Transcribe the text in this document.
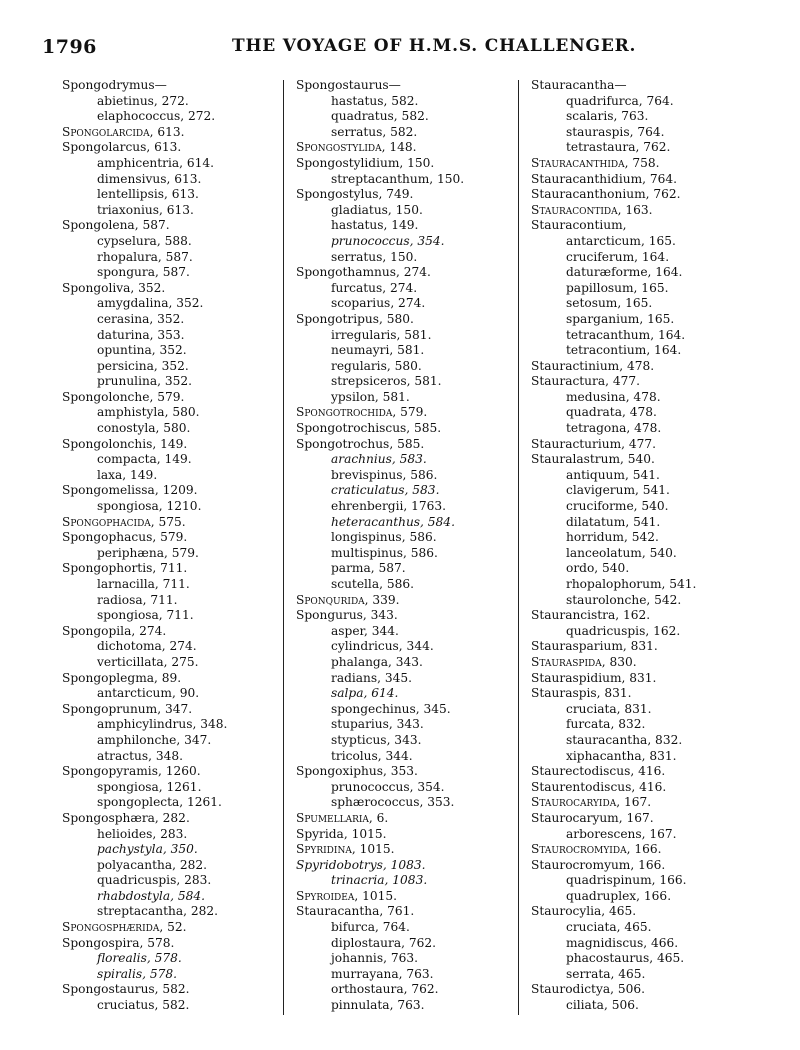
1796	THE VOYAGE OF H.M.S. CHALLENGER.
Spongodrymus—
abietinus, 272.
elaphococcus, 272.
Spongolarcida, 613.
Spongolarcus, 613.
amphicentria, 614.
dimensivus, 613.
lentellipsis, 613.
triaxonius, 613.
Spongolena, 587.
cypselura, 588.
rhopalura, 587.
spongura, 587.
Spongoliva, 352.
amygdalina, 352.
cerasina, 352.
daturina, 353.
opuntina, 352.
persicina, 352.
prunulina, 352.
Spongolonche, 579.
amphistyla, 580.
conostyla, 580.
Spongolonchis, 149.
compacta, 149.
laxa, 149.
Spongomelissa, 1209.
spongiosa, 1210.
Spongophacida, 575.
Spongophacus, 579.
periphæna, 579.
Spongophortis, 711.
larnacilla, 711.
radiosa, 711.
spongiosa, 711.
Spongopila, 274.
dichotoma, 274.
verticillata, 275.
Spongoplegma, 89.
antarcticum, 90.
Spongoprunum, 347.
amphicylindrus, 348.
amphilonche, 347.
atractus, 348.
Spongopyramis, 1260.
spongiosa, 1261.
spongoplecta, 1261.
Spongosphæra, 282.
helioides, 283.
pachystyla, 350.
polyacantha, 282.
quadricuspis, 283.
rhabdostyla, 584.
streptacantha, 282.
Spongosphærida, 52.
Spongospira, 578.
florealis, 578.
spiralis, 578.
Spongostaurus, 582.
cruciatus, 582.
Spongostaurus—
hastatus, 582.
quadratus, 582.
serratus, 582.
Spongostylida, 148.
Spongostylidium, 150.
streptacanthum, 150.
Spongostylus, 749.
gladiatus, 150.
hastatus, 149.
prunococcus, 354.
serratus, 150.
Spongothamnus, 274.
furcatus, 274.
scoparius, 274.
Spongotripus, 580.
irregularis, 581.
neumayri, 581.
regularis, 580.
strepsiceros, 581.
ypsilon, 581.
Spongotrochida, 579.
Spongotrochiscus, 585.
Spongotrochus, 585.
arachnius, 583.
brevispinus, 586.
craticulatus, 583.
ehrenbergii, 1763.
heteracanthus, 584.
longispinus, 586.
multispinus, 586.
parma, 587.
scutella, 586.
Sponqurida, 339.
Spongurus, 343.
asper, 344.
cylindricus, 344.
phalanga, 343.
radians, 345.
salpa, 614.
spongechinus, 345.
stuparius, 343.
stypticus, 343.
tricolus, 344.
Spongoxiphus, 353.
prunococcus, 354.
sphærococcus, 353.
Spumellaria, 6.
Spyrida, 1015.
Spyridina, 1015.
Spyridobotrys, 1083.
trinacria, 1083.
Spyroidea, 1015.
Stauracantha, 761.
bifurca, 764.
diplostaura, 762.
johannis, 763.
murrayana, 763.
orthostaura, 762.
pinnulata, 763.
Stauracantha—
quadrifurca, 764.
scalaris, 763.
stauraspis, 764.
tetrastaura, 762.
Stauracanthida, 758.
Stauracanthidium, 764.
Stauracanthonium, 762.
Stauracontida, 163.
Stauracontium,
antarcticum, 165.
cruciferum, 164.
daturæforme, 164.
papillosum, 165.
setosum, 165.
sparganium, 165.
tetracanthum, 164.
tetracontium, 164.
Stauractinium, 478.
Stauractura, 477.
medusina, 478.
quadrata, 478.
tetragona, 478.
Stauracturium, 477.
Stauralastrum, 540.
antiquum, 541.
clavigerum, 541.
cruciforme, 540.
dilatatum, 541.
horridum, 542.
lanceolatum, 540.
ordo, 540.
rhopalophorum, 541.
staurolonche, 542.
Staurancistra, 162.
quadricuspis, 162.
Staurasparium, 831.
Stauraspida, 830.
Stauraspidium, 831.
Stauraspis, 831.
cruciata, 831.
furcata, 832.
stauracantha, 832.
xiphacantha, 831.
Staurectodiscus, 416.
Staurentodiscus, 416.
Staurocaryida, 167.
Staurocaryum, 167.
arborescens, 167.
Staurocromyida, 166.
Staurocromyum, 166.
quadrispinum, 166.
quadruplex, 166.
Staurocylia, 465.
cruciata, 465.
magnidiscus, 466.
phacostaurus, 465.
serrata, 465.
Staurodictya, 506.
ciliata, 506.
